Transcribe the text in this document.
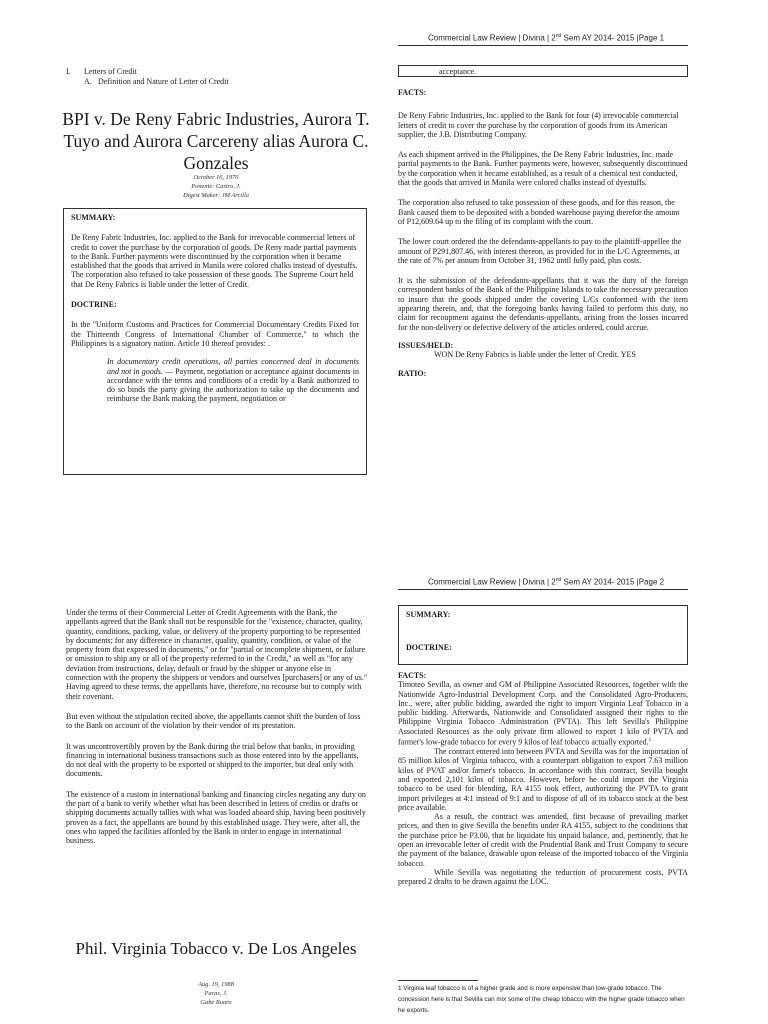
Commercial Law Review | Divina | 2nd Sem AY 2014- 2015 |Page 1
I. Letters of Credit
A. Definition and Nature of Letter of Credit
BPI v. De Reny Fabric Industries, Aurora T. Tuyo and Aurora Carcereny alias Aurora C. Gonzales
October 16, 1970
Ponente: Castro, J.
Digest Maker: JM Arcilla

SUMMARY:

De Reny Fabric Industries, Inc. applied to the Bank for irrevocable commercial letters of credit to cover the purchase by the corporation of goods. De Reny made partial payments to the Bank. Further payments were discontinued by the corporation when it became established that the goods that arrived in Manila were colored chalks instead of dyestuffs. The corporation also refused to take possession of these goods. The Supreme Court held that De Reny Fabrics is liable under the letter of Credit.

DOCTRINE:

In the "Uniform Customs and Practices for Commercial Documentary Credits Fixed for the Thirteenth Congress of International Chamber of Commerce," to which the Philippines is a signatory nation. Article 10 thereof provides: .

In documentary credit operations, all parties concerned deal in documents and not in goods. — Payment, negotiation or acceptance against documents in accordance with the terms and conditions of a credit by a Bank authorized to do so binds the party giving the authorization to take up the documents and reimburse the Bank making the payment, negotiation or

acceptance.

FACTS:

De Reny Fabric Industries, Inc. applied to the Bank for four (4) irrevocable commercial letters of credit to cover the purchase by the corporation of goods from its American supplier, the J.B. Distributing Company.

As each shipment arrived in the Philippines, the De Reny Fabric Industries, Inc. made partial payments to the Bank. Further payments were, however, subsequently discontinued by the corporation when it became established, as a result of a chemical test conducted, that the goods that arrived in Manila were colored chalks instead of dyestuffs.

The corporation also refused to take possession of these goods, and for this reason, the Bank caused them to be deposited with a bonded warehouse paying therefor the amount of P12,609.64 up to the filing of its complaint with the court.

The lower court ordered the the defendants-appellants to pay to the plaintiff-appellee the amount of P291,807.46, with interest thereon, as provided for in the L/C Agreements, at the rate of 7% per annum from October 31, 1962 until fully paid, plus costs.

It is the submission of the defendants-appellants that it was the duty of the foreign correspondent banks of the Bank of the Philippine Islands to take the necessary precaution to insure that the goods shipped under the covering L/Cs conformed with the item appearing therein, and, that the foregoing banks having failed to perform this duty, no claim for recoupment against the defendants-appellants, arising from the losses incurred for the non-delivery or defective delivery of the articles ordered, could accrue.

ISSUES/HELD:

WON De Reny Fabrics is liable under the letter of Credit. YES

RATIO:

Commercial Law Review | Divina | 2nd Sem AY 2014- 2015 |Page 2

Under the terms of their Commercial Letter of Credit Agreements with the Bank, the appellants agreed that the Bank shall not be responsible for the "existence, character, quality, quantity, conditions, packing, value, or delivery of the property purporting to be represented by documents; for any difference in character, quality, quantity, condition, or value of the property from that expressed in documents," or for "partial or incomplete shipment, or failure or omission to ship any or all of the property referred to in the Credit," as well as "for any deviation from instructions, delay, default or fraud by the shipper or anyone else in connection with the property the shippers or vendors and ourselves [purchasers] or any of us." Having agreed to these terms, the appellants have, therefore, no recourse but to comply with their covenant.

But even without the stipulation recited above, the appellants cannot shift the burden of loss to the Bank on account of the violation by their vendor of its prestation.

It was uncontrovertibly proven by the Bank during the trial below that banks, in providing financing in international business transactions such as those entered into by the appellants, do not deal with the property to be exported or shipped to the importer, but deal only with documents.

The existence of a custom in international banking and financing circles negating any duty on the part of a bank to verify whether what has been described in letters of credits or drafts or shipping documents actually tallies with what was loaded aboard ship, having been positively proven as a fact, the appellants are bound by this established usage. They were, after all, the ones who tapped the facilities afforded by the Bank in order to engage in international business.

Phil. Virginia Tobacco v. De Los Angeles
Aug. 19, 1988
Paras, J.
Gabe Ruaro
SUMMARY:
DOCTRINE:

FACTS:

Timoteo Sevilla, as owner and GM of Philippine Associated Resources, together with the Nationwide Agro-Industrial Development Corp. and the Consolidated Agro-Producers, Inc., were, after public bidding, awarded the right to import Virginia Leaf Tobacco in a public bidding. Afterwards, Nationwide and Consolidated assigned their rights to the Philippine Virginia Tobacco Administration (PVTA). This left Sevilla's Philippine Associated Resources as the only private firm allowed to export 1 kilo of PVTA and farmer's low-grade tobacco for every 9 kilos of leaf tobacco actually exported.$^1$

The contract entered into between PVTA and Sevilla was for the importation of 85 million kilos of Virginia tobacco, with a counterpart obligation to export 7.63 million kilos of PVAT and/or farner's tobacco. In accordance with this contract, Sevilla bought and exported 2,101 kilos of tobacco. However, before he could import the Virginia tobacco to be used for blending, RA 4155 took effect, authorizing the PVTA to grant import privileges at 4:1 instead of 9:1 and to dispose of all of its tobacco stock at the best price available.

As a result, the contract was amended, first because of prevailing market prices, and then to give Sevilla the benefits under RA 4155, subject to the conditions that the purchase price be P3.00, that he liquidate his unpaid balance, and, pertinently, that he open an irrevocable letter of credit with the Prudential Bank and Trust Company to secure the payment of the balance, drawable upon release of the imported tobacco of the Virginia tobacco.

While Sevilla was negotiating the reduction of procurement costs, PVTA prepared 2 drafts to be drawn against the LOC.

1 Virginia leaf tobacco is of a higher grade and is more expensive than low-grade tobacco. The concession here is that Sevilla can mix some of the cheap tobacco with the higher grade tobacco when he exports.
